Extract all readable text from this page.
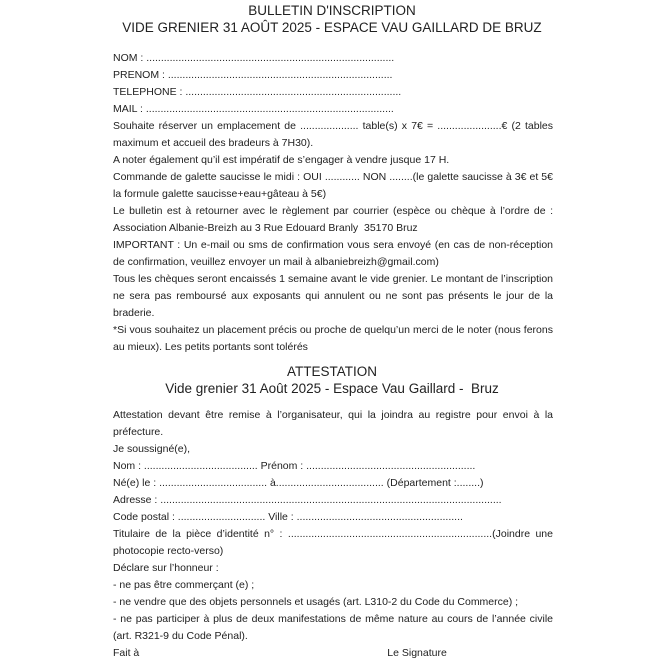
BULLETIN D'INSCRIPTION
VIDE GRENIER 31 AOÛT 2025 - ESPACE VAU GAILLARD DE BRUZ
NOM : .....................................................................................
PRENOM : .............................................................................
TELEPHONE : ..........................................................................
MAIL : .....................................................................................
Souhaite réserver un emplacement de .................... table(s) x 7€ = ......................€ (2 tables maximum et accueil des bradeurs à 7H30).
A noter également qu’il est impératif de s’engager à vendre jusque 17 H.
Commande de galette saucisse le midi : OUI ............ NON ........(le galette saucisse à 3€ et 5€ la formule galette saucisse+eau+gâteau à 5€)
Le bulletin est à retourner avec le règlement par courrier (espèce ou chèque à l’ordre de : Association Albanie-Breizh au 3 Rue Edouard Branly  35170 Bruz
IMPORTANT : Un e-mail ou sms de confirmation vous sera envoyé (en cas de non-réception de confirmation, veuillez envoyer un mail à albaniebreizh@gmail.com)
Tous les chèques seront encaissés 1 semaine avant le vide grenier. Le montant de l’inscription ne sera pas remboursé aux exposants qui annulent ou ne sont pas présents le jour de la braderie.
*Si vous souhaitez un placement précis ou proche de quelqu’un merci de le noter (nous ferons au mieux). Les petits portants sont tolérés
ATTESTATION
Vide grenier 31 Août 2025 - Espace Vau Gaillard -  Bruz
Attestation devant être remise à l’organisateur, qui la joindra au registre pour envoi à la préfecture.
Je soussigné(e),
Nom : ....................................... Prénom : ..........................................................
Né(e) le : ..................................... à..................................... (Département :........)
Adresse : .....................................................................................................................
Code postal : .............................. Ville : .........................................................
Titulaire de la pièce d’identité n° : ......................................................................(Joindre une photocopie recto-verso)
Déclare sur l’honneur :
- ne pas être commerçant (e) ;
- ne vendre que des objets personnels et usagés (art. L310-2 du Code du Commerce) ;
- ne pas participer à plus de deux manifestations de même nature au cours de l’année civile (art. R321-9 du Code Pénal).
Fait à	Le Signature
